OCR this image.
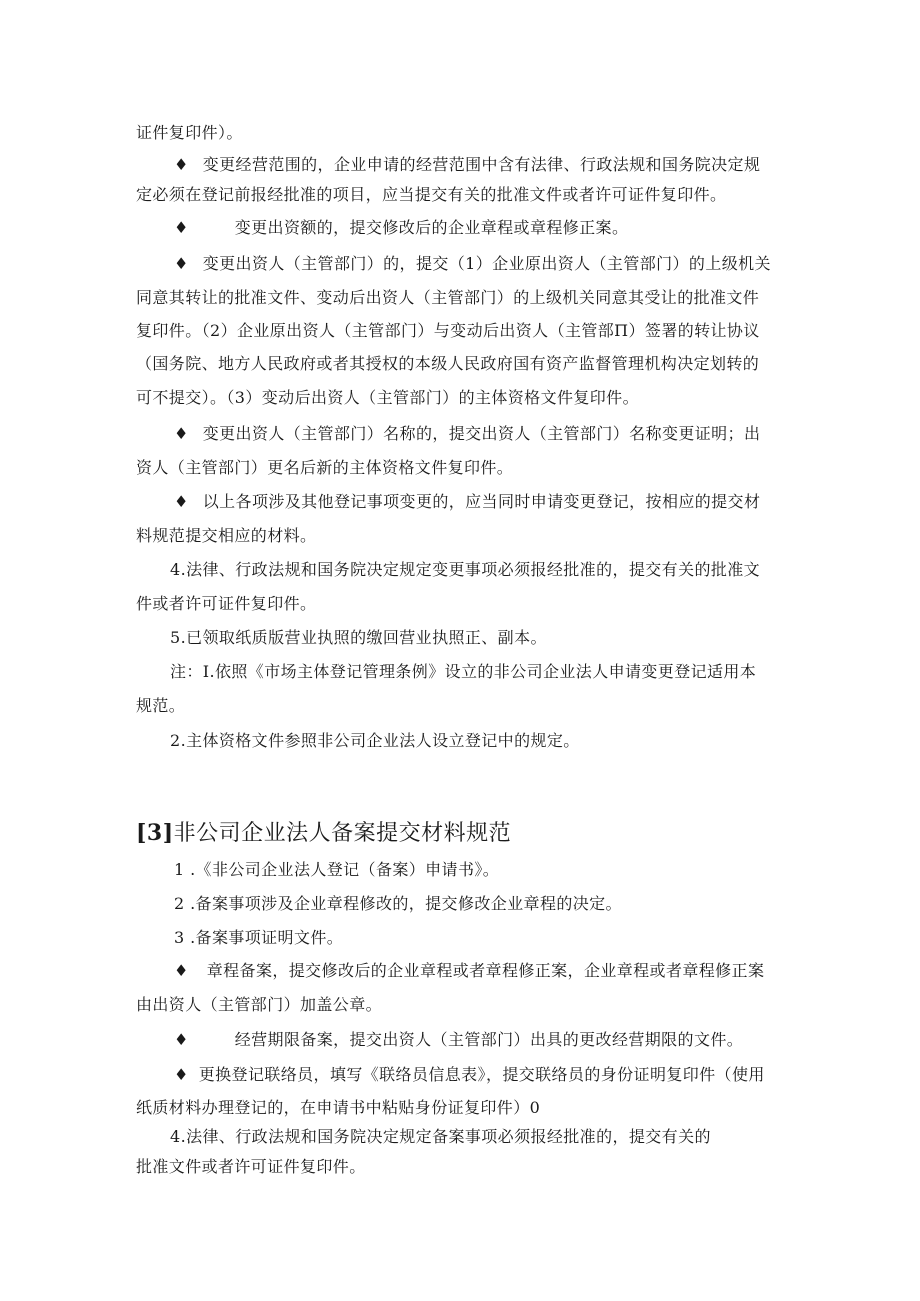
证件复印件）。
♦ 变更经营范围的，企业申请的经营范围中含有法律、行政法规和国务院决定规
定必须在登记前报经批准的项目，应当提交有关的批准文件或者许可证件复印件。
♦	变更出资额的，提交修改后的企业章程或章程修正案。
♦ 变更出资人（主管部门）的，提交（1）企业原出资人（主管部门）的上级机关
同意其转让的批准文件、变动后出资人（主管部门）的上级机关同意其受让的批准文件
复印件。（2）企业原出资人（主管部门）与变动后出资人（主管部Π）签署的转让协议
（国务院、地方人民政府或者其授权的本级人民政府国有资产监督管理机构决定划转的
可不提交）。（3）变动后出资人（主管部门）的主体资格文件复印件。
♦ 变更出资人（主管部门）名称的，提交出资人（主管部门）名称变更证明；出
资人（主管部门）更名后新的主体资格文件复印件。
♦ 以上各项涉及其他登记事项变更的，应当同时申请变更登记，按相应的提交材
料规范提交相应的材料。
4.法律、行政法规和国务院决定规定变更事项必须报经批准的，提交有关的批准文
件或者许可证件复印件。
5.已领取纸质版营业执照的缴回营业执照正、副本。
注：I.依照《市场主体登记管理条例》设立的非公司企业法人申请变更登记适用本
规范。
2.主体资格文件参照非公司企业法人设立登记中的规定。
[3]非公司企业法人备案提交材料规范
1 .《非公司企业法人登记（备案）申请书》。
2 .备案事项涉及企业章程修改的，提交修改企业章程的决定。
3 .备案事项证明文件。
♦ 章程备案，提交修改后的企业章程或者章程修正案，企业章程或者章程修正案
由出资人（主管部门）加盖公章。
♦	经营期限备案，提交出资人（主管部门）出具的更改经营期限的文件。
♦ 更换登记联络员，填写《联络员信息表》，提交联络员的身份证明复印件（使用
纸质材料办理登记的，在申请书中粘贴身份证复印件）0
4.法律、行政法规和国务院决定规定备案事项必须报经批准的，提交有关的
批准文件或者许可证件复印件。
